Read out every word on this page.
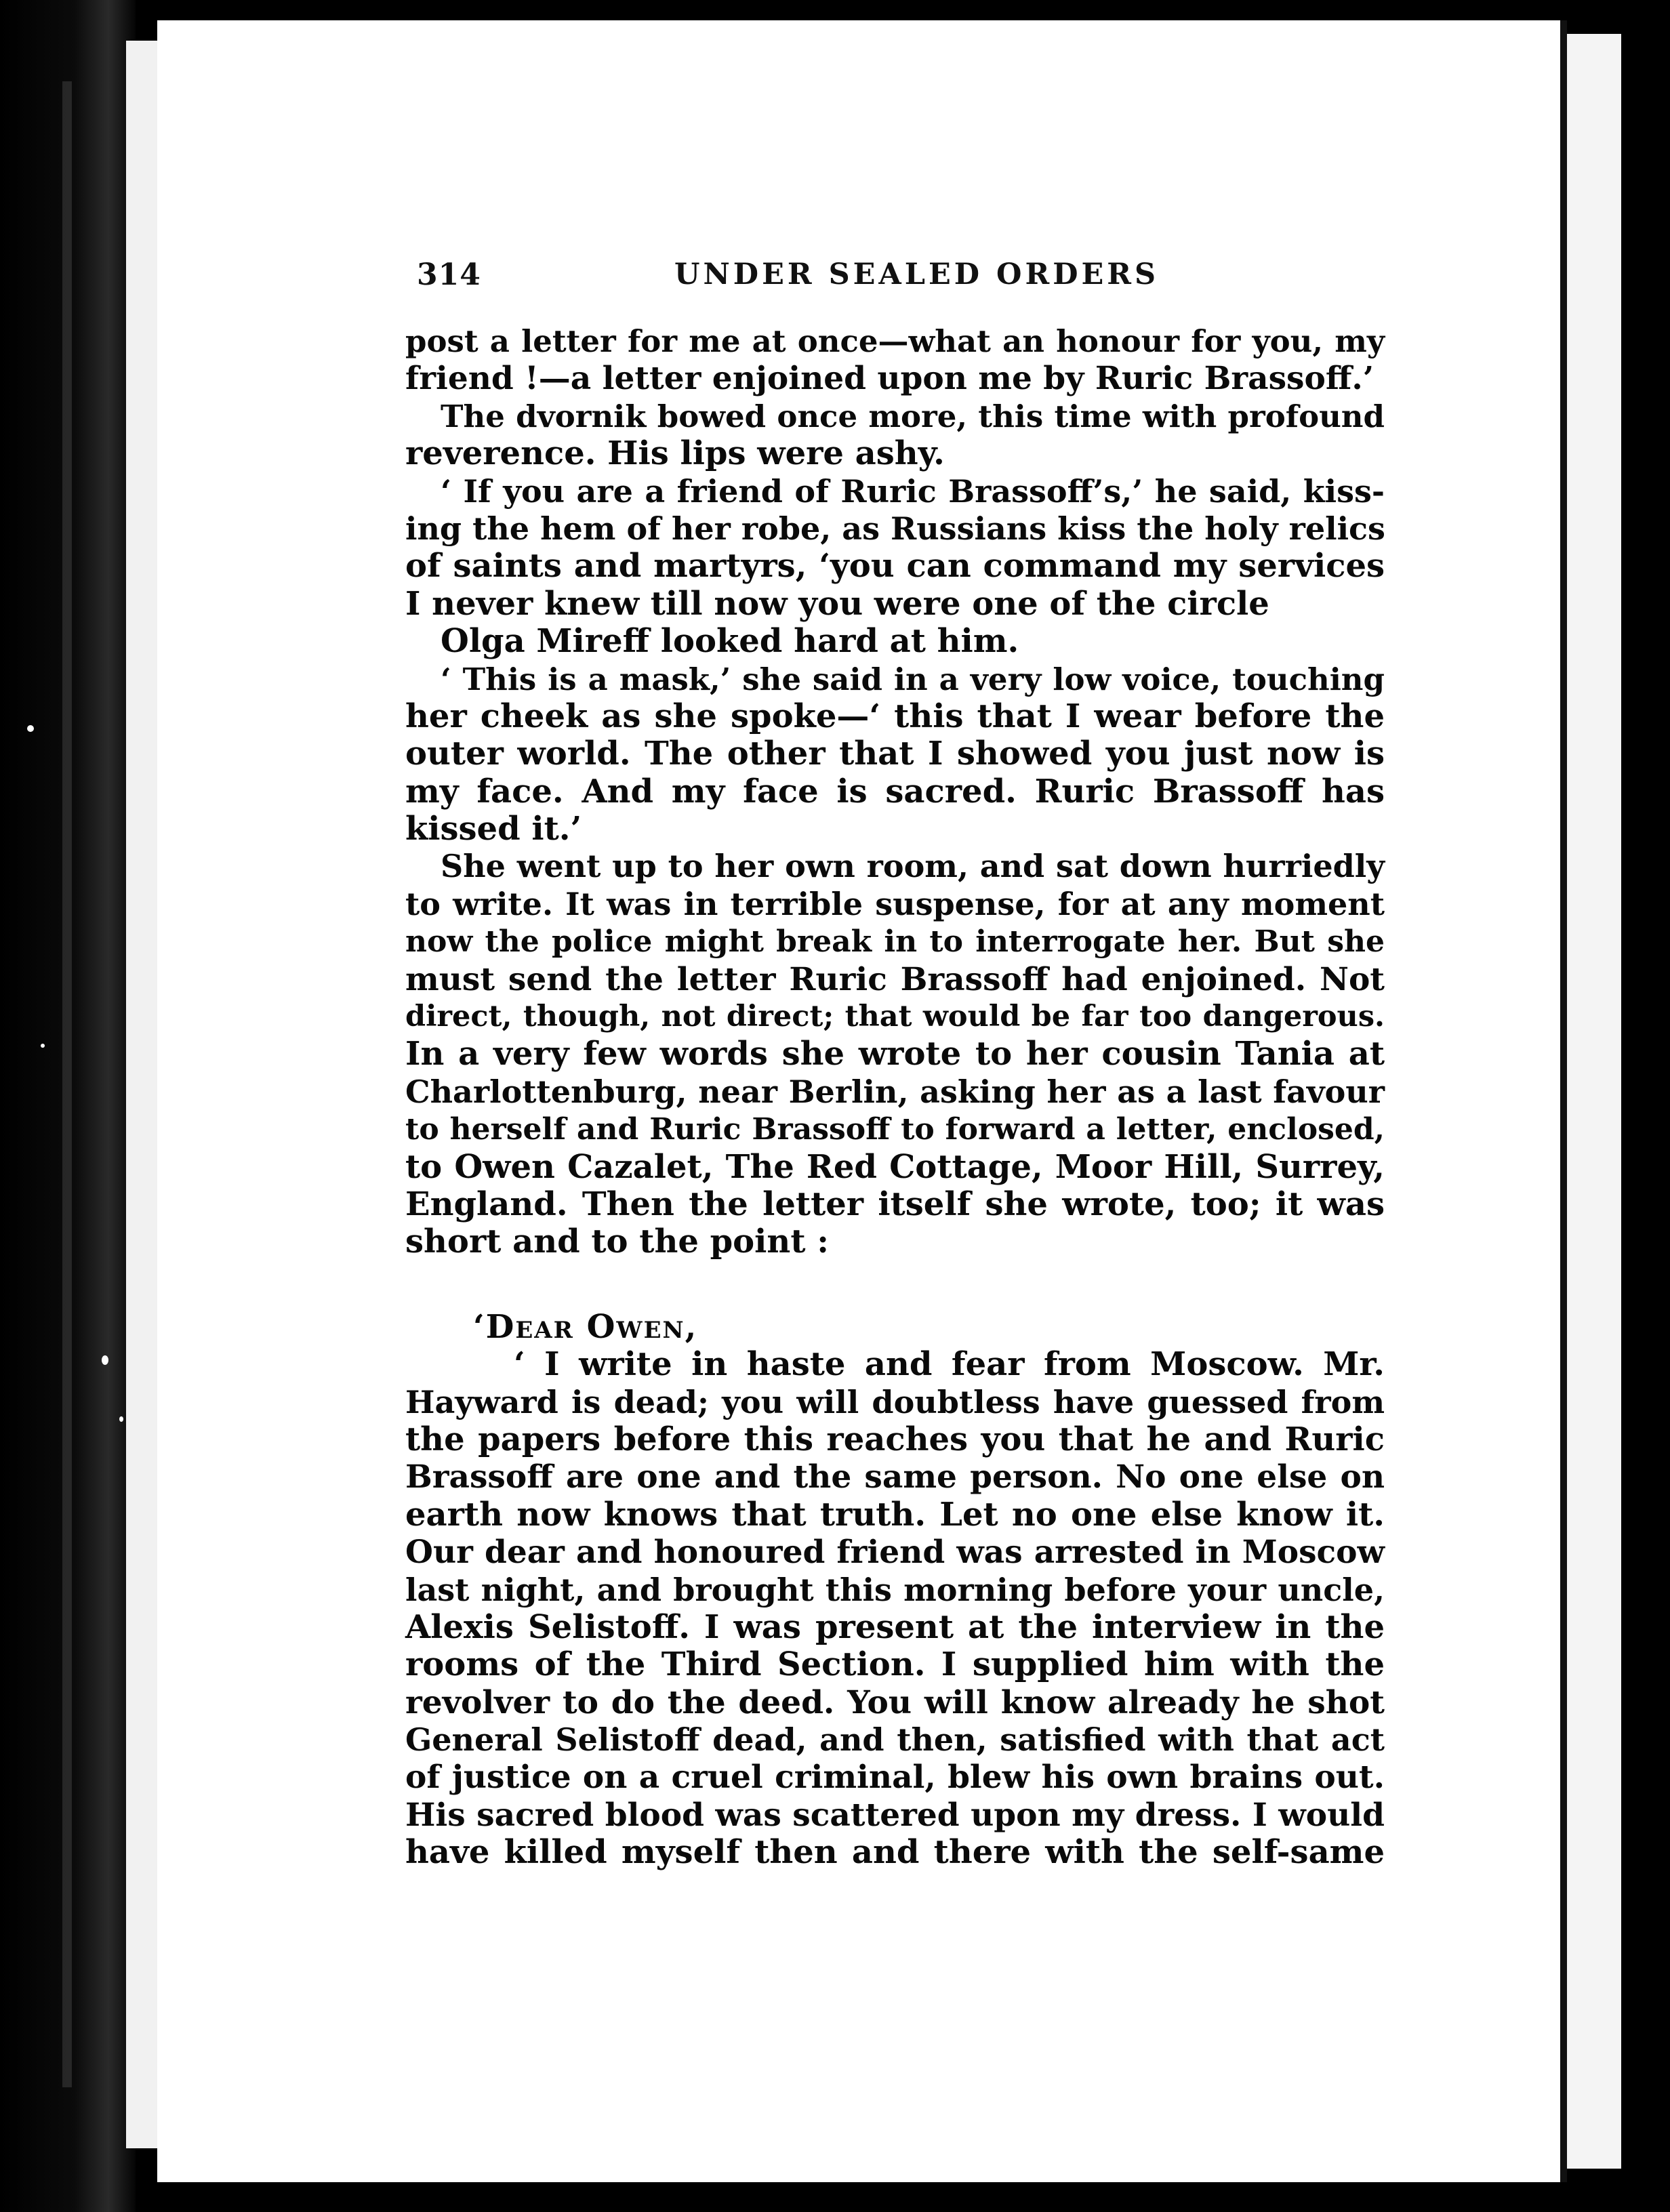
314	UNDER SEALED ORDERS
post a letter for me at once—what an honour for you, my
friend !—a letter enjoined upon me by Ruric Brassoff.’
The dvornik bowed once more, this time with profound
reverence. His lips were ashy.
‘ If you are a friend of Ruric Brassoff’s,’ he said, kiss-
ing the hem of her robe, as Russians kiss the holy relics
of saints and martyrs, ‘you can command my services
I never knew till now you were one of the circle
Olga Mireff looked hard at him.
‘ This is a mask,’ she said in a very low voice, touching
her cheek as she spoke—‘ this that I wear before the
outer world. The other that I showed you just now is
my face. And my face is sacred. Ruric Brassoff has
kissed it.’
She went up to her own room, and sat down hurriedly
to write. It was in terrible suspense, for at any moment
now the police might break in to interrogate her. But she
must send the letter Ruric Brassoff had enjoined. Not
direct, though, not direct; that would be far too dangerous.
In a very few words she wrote to her cousin Tania at
Charlottenburg, near Berlin, asking her as a last favour
to herself and Ruric Brassoff to forward a letter, enclosed,
to Owen Cazalet, The Red Cottage, Moor Hill, Surrey,
England. Then the letter itself she wrote, too; it was
short and to the point :
‘Dear Owen,
‘ I write in haste and fear from Moscow. Mr.
Hayward is dead; you will doubtless have guessed from
the papers before this reaches you that he and Ruric
Brassoff are one and the same person. No one else on
earth now knows that truth. Let no one else know it.
Our dear and honoured friend was arrested in Moscow
last night, and brought this morning before your uncle,
Alexis Selistoff. I was present at the interview in the
rooms of the Third Section. I supplied him with the
revolver to do the deed. You will know already he shot
General Selistoff dead, and then, satisfied with that act
of justice on a cruel criminal, blew his own brains out.
His sacred blood was scattered upon my dress. I would
have killed myself then and there with the self-same
